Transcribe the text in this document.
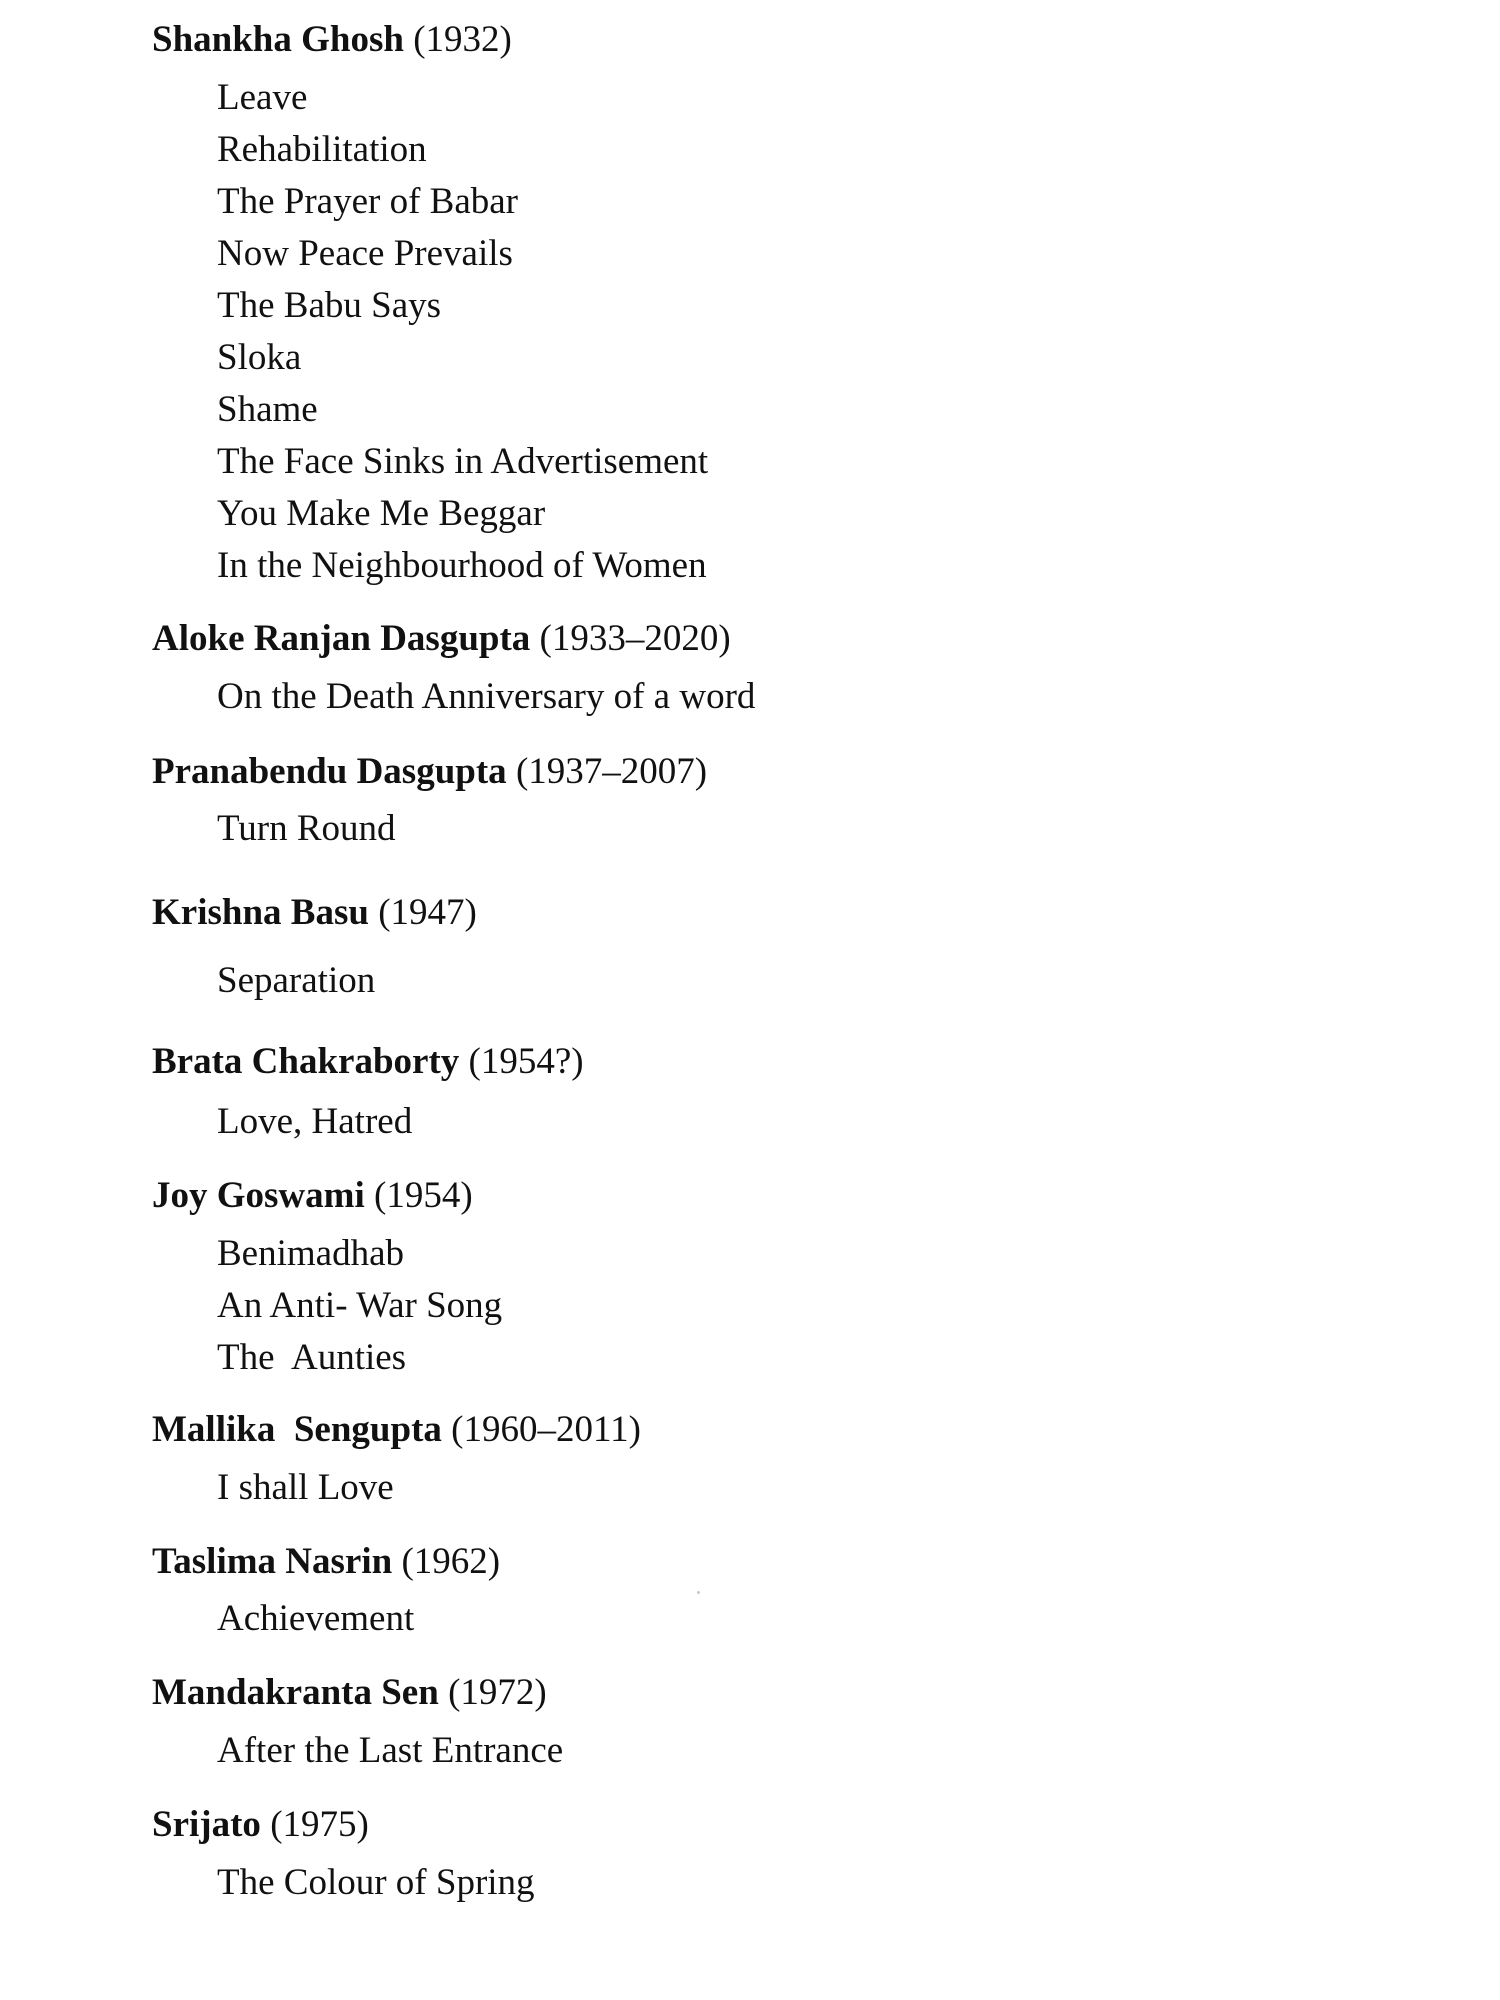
Shankha Ghosh (1932)
Leave
Rehabilitation
The Prayer of Babar
Now Peace Prevails
The Babu Says
Sloka
Shame
The Face Sinks in Advertisement
You Make Me Beggar
In the Neighbourhood of Women
Aloke Ranjan Dasgupta (1933–2020)
On the Death Anniversary of a word
Pranabendu Dasgupta (1937–2007)
Turn Round
Krishna Basu (1947)
Separation
Brata Chakraborty (1954?)
Love, Hatred
Joy Goswami (1954)
Benimadhab
An Anti- War Song
The  Aunties
Mallika  Sengupta (1960–2011)
I shall Love
Taslima Nasrin (1962)
Achievement
Mandakranta Sen (1972)
After the Last Entrance
Srijato (1975)
The Colour of Spring
